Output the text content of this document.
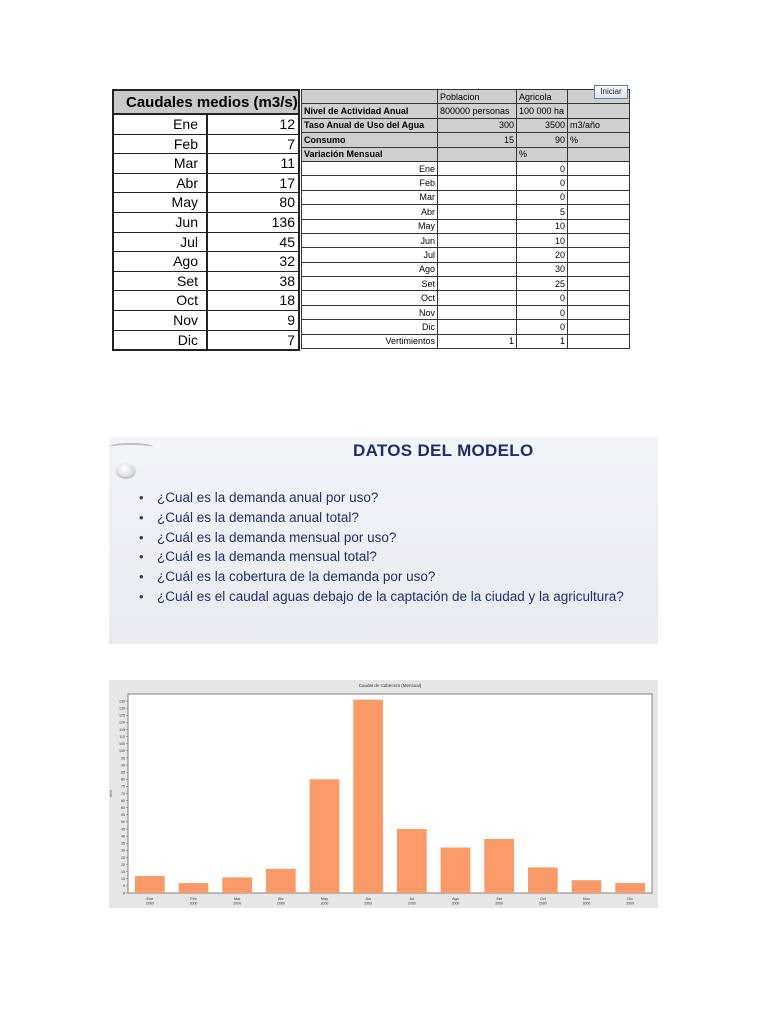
Caudales medios (m3/s)
Ene	12
Feb	7
Mar	11
Abr	17
May	80
Jun	136
Jul	45
Ago	32
Set	38
Oct	18
Nov	9
Dic	7
	Poblacion	Agricola	
Nivel de Actividad Anual	800000 personas	100 000 ha	
Taso Anual de Uso del Agua	300	3500	m3/año
Consumo	15	90	%
Variación Mensual		%	
Ene		0	
Feb		0	
Mar		0	
Abr		5	
May		10	
Jun		10	
Jul		20	
Ago		30	
Set		25	
Oct		0	
Nov		0	
Dic		0	
Vertimientos	1	1	
Iniciar
DATOS DEL MODELO
• ¿Cual es la demanda anual por uso?
• ¿Cuál es la demanda anual total?
• ¿Cuál es la demanda mensual por uso?
• ¿Cuál es la demanda mensual total?
• ¿Cuál es la cobertura de la demanda por uso?
• ¿Cuál es el caudal aguas debajo de la captación de la ciudad y la agricultura?
Caudal de Cabecera (Mensual)
m³/s
0
5
10
15
20
25
30
35
40
45
50
55
60
65
70
75
80
85
90
95
100
105
110
115
120
125
130
135
Ene
2000
Feb
2000
Mar
2000
Abr
2000
May
2000
Jun
2000
Jul
2000
Ago
2000
Set
2000
Oct
2000
Nov
2000
Dic
2000
